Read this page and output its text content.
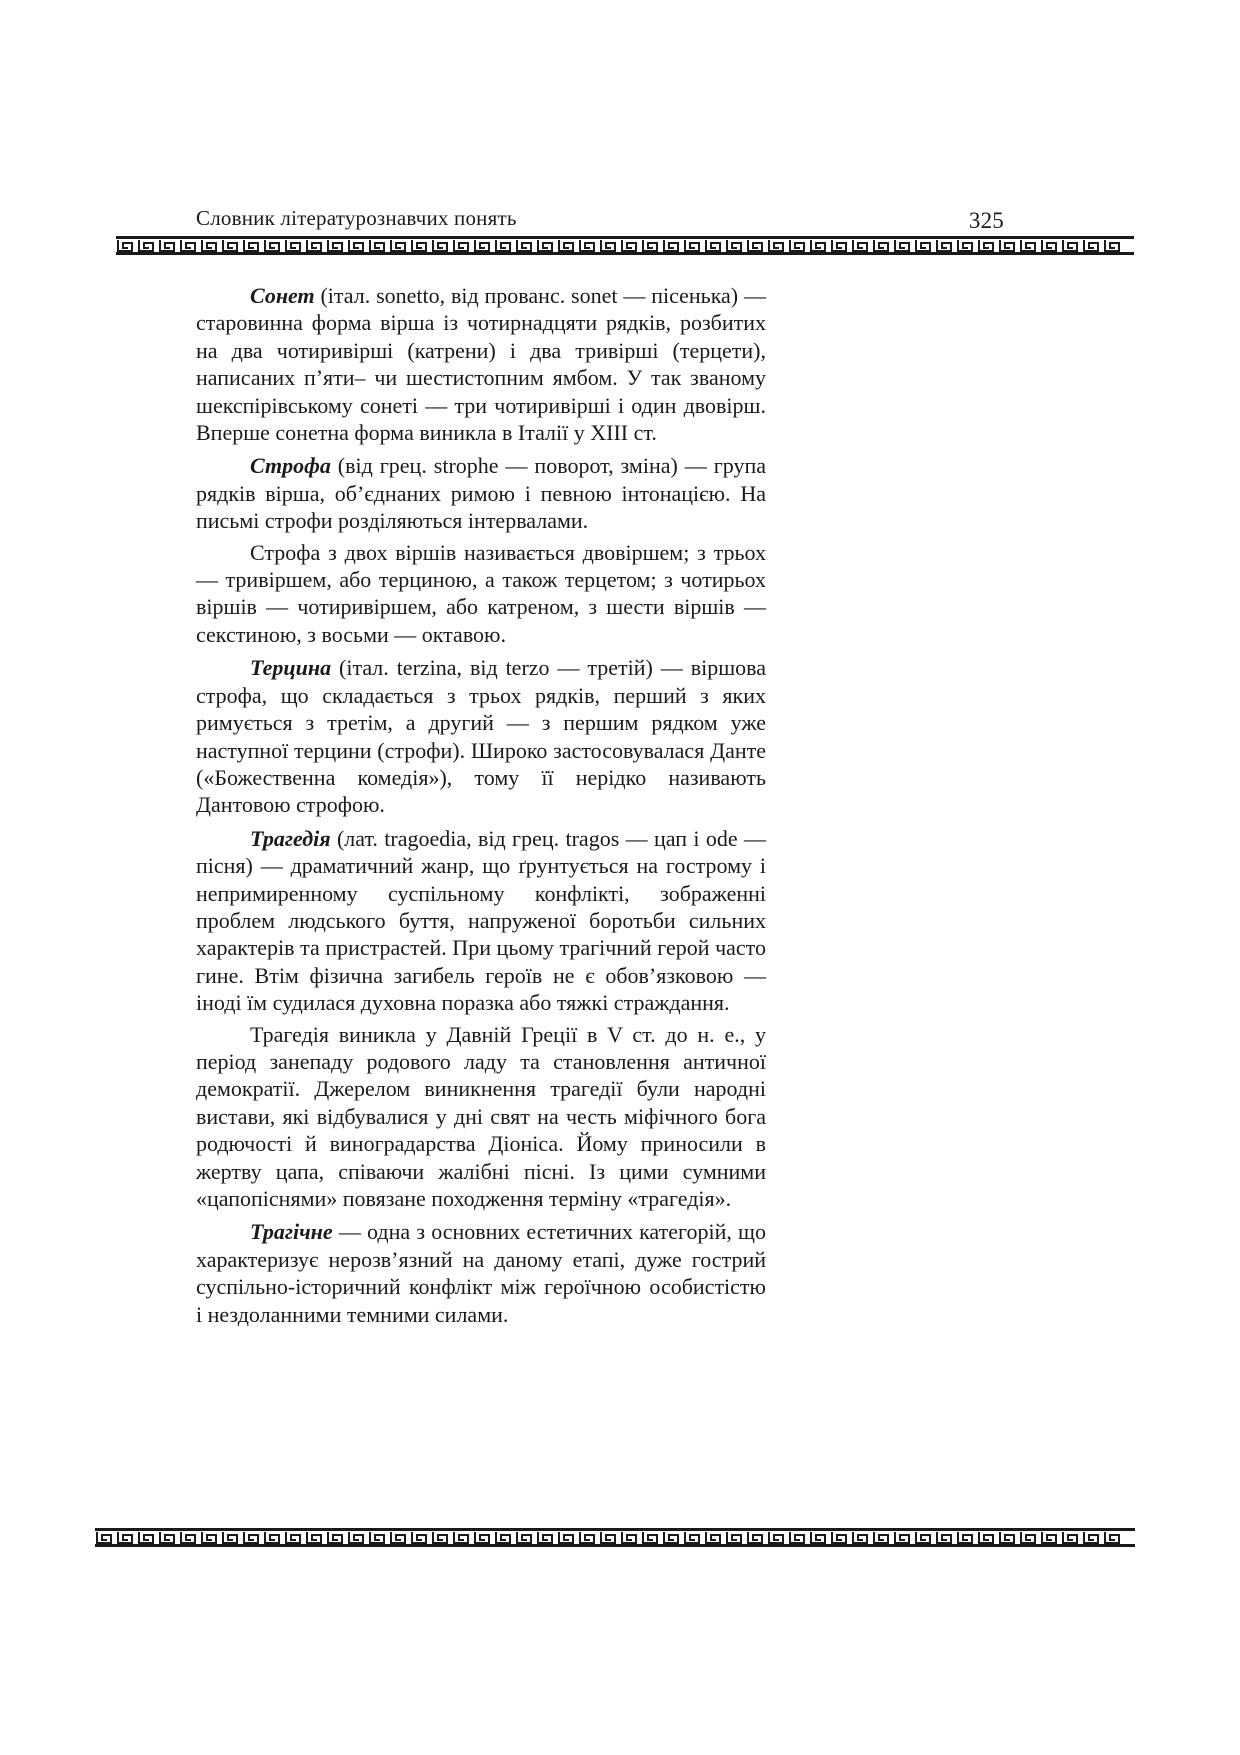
Словник літературознавчих понять	325

Сонет (італ. sonetto, від прованс. sonet — пісенька) — старовинна форма вірша із чотирнадцяти рядків, розбитих на два чотиривірші (катрени) і два тривірші (терцети), написаних п’яти– чи шестистопним ямбом. У так званому шекспірівському сонеті — три чотиривірші і один двовірш. Вперше сонетна форма виникла в Італії у XIII ст.

Строфа (від грец. strophe — поворот, зміна) — група рядків вірша, об’єднаних римою і певною інтонацією. На письмі строфи розділяються інтервалами.

Строфа з двох віршів називається двовіршем; з трьох — тривіршем, або терциною, а також терцетом; з чотирьох віршів — чотиривіршем, або катреном, з шести віршів — секстиною, з восьми — октавою.

Терцина (італ. terzina, від terzo — третій) — віршова строфа, що складається з трьох рядків, перший з яких римується з третім, а другий — з першим рядком уже наступної терцини (строфи). Широко застосовувалася Данте («Божественна комедія»), тому її нерідко називають Дантовою строфою.

Трагедія (лат. tragoedia, від грец. tragos — цап і ode — пісня) — драматичний жанр, що ґрунтується на гострому і непримиренному суспільному конфлікті, зображенні проблем людського буття, напруженої боротьби сильних характерів та пристрастей. При цьому трагічний герой часто гине. Втім фізична загибель героїв не є обов’язковою — іноді їм судилася духовна поразка або тяжкі страждання.

Трагедія виникла у Давній Греції в V ст. до н. е., у період занепаду родового ладу та становлення античної демократії. Джерелом виникнення трагедії були народні вистави, які відбувалися у дні свят на честь міфічного бога родючості й виноградарства Діоніса. Йому приносили в жертву цапа, співаючи жалібні пісні. Із цими сумними «цапопіснями» повязане походження терміну «трагедія».

Трагічне — одна з основних естетичних категорій, що характеризує нерозв’язний на даному етапі, дуже гострий суспільно-історичний конфлікт між героїчною особистістю і нездоланними темними силами.
